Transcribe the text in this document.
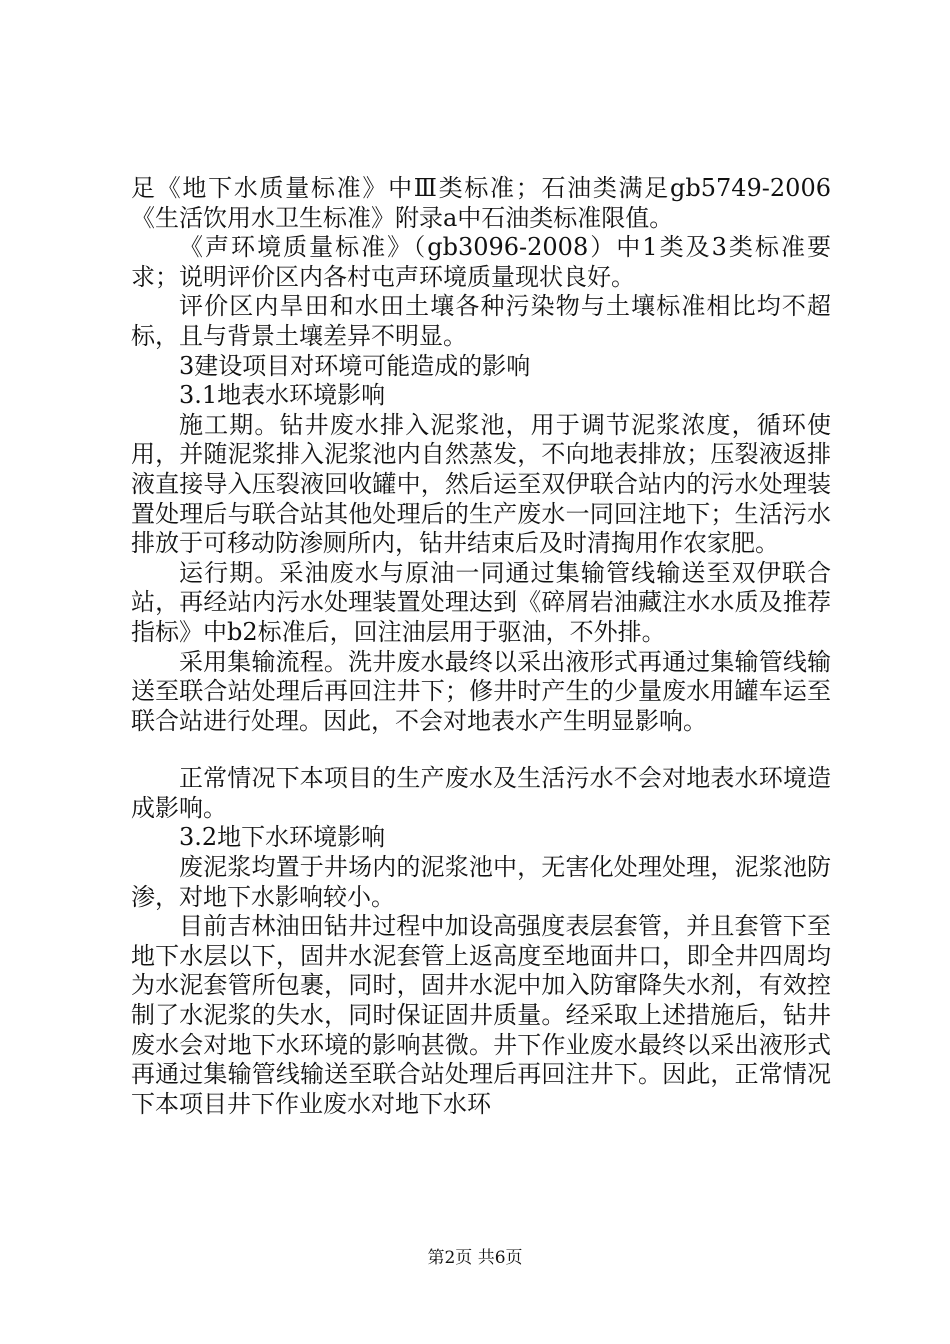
足《地下水质量标准》中Ⅲ类标准；石油类满足gb5749-2006《生活饮用水卫生标准》附录a中石油类标准限值。

《声环境质量标准》（gb3096-2008）中1类及3类标准要求；说明评价区内各村屯声环境质量现状良好。

评价区内旱田和水田土壤各种污染物与土壤标准相比均不超标，且与背景土壤差异不明显。

3建设项目对环境可能造成的影响

3.1地表水环境影响

施工期。钻井废水排入泥浆池，用于调节泥浆浓度，循环使用，并随泥浆排入泥浆池内自然蒸发，不向地表排放；压裂液返排液直接导入压裂液回收罐中，然后运至双伊联合站内的污水处理装置处理后与联合站其他处理后的生产废水一同回注地下；生活污水排放于可移动防渗厕所内，钻井结束后及时清掏用作农家肥。

运行期。采油废水与原油一同通过集输管线输送至双伊联合站，再经站内污水处理装置处理达到《碎屑岩油藏注水水质及推荐指标》中b2标准后，回注油层用于驱油，不外排。

采用集输流程。洗井废水最终以采出液形式再通过集输管线输送至联合站处理后再回注井下；修井时产生的少量废水用罐车运至联合站进行处理。因此，不会对地表水产生明显影响。

正常情况下本项目的生产废水及生活污水不会对地表水环境造成影响。

3.2地下水环境影响

废泥浆均置于井场内的泥浆池中，无害化处理处理，泥浆池防渗，对地下水影响较小。

目前吉林油田钻井过程中加设高强度表层套管，并且套管下至地下水层以下，固井水泥套管上返高度至地面井口，即全井四周均为水泥套管所包裹，同时，固井水泥中加入防窜降失水剂，有效控制了水泥浆的失水，同时保证固井质量。经采取上述措施后，钻井废水会对地下水环境的影响甚微。井下作业废水最终以采出液形式再通过集输管线输送至联合站处理后再回注井下。因此，正常情况下本项目井下作业废水对地下水环

第2页 共6页
